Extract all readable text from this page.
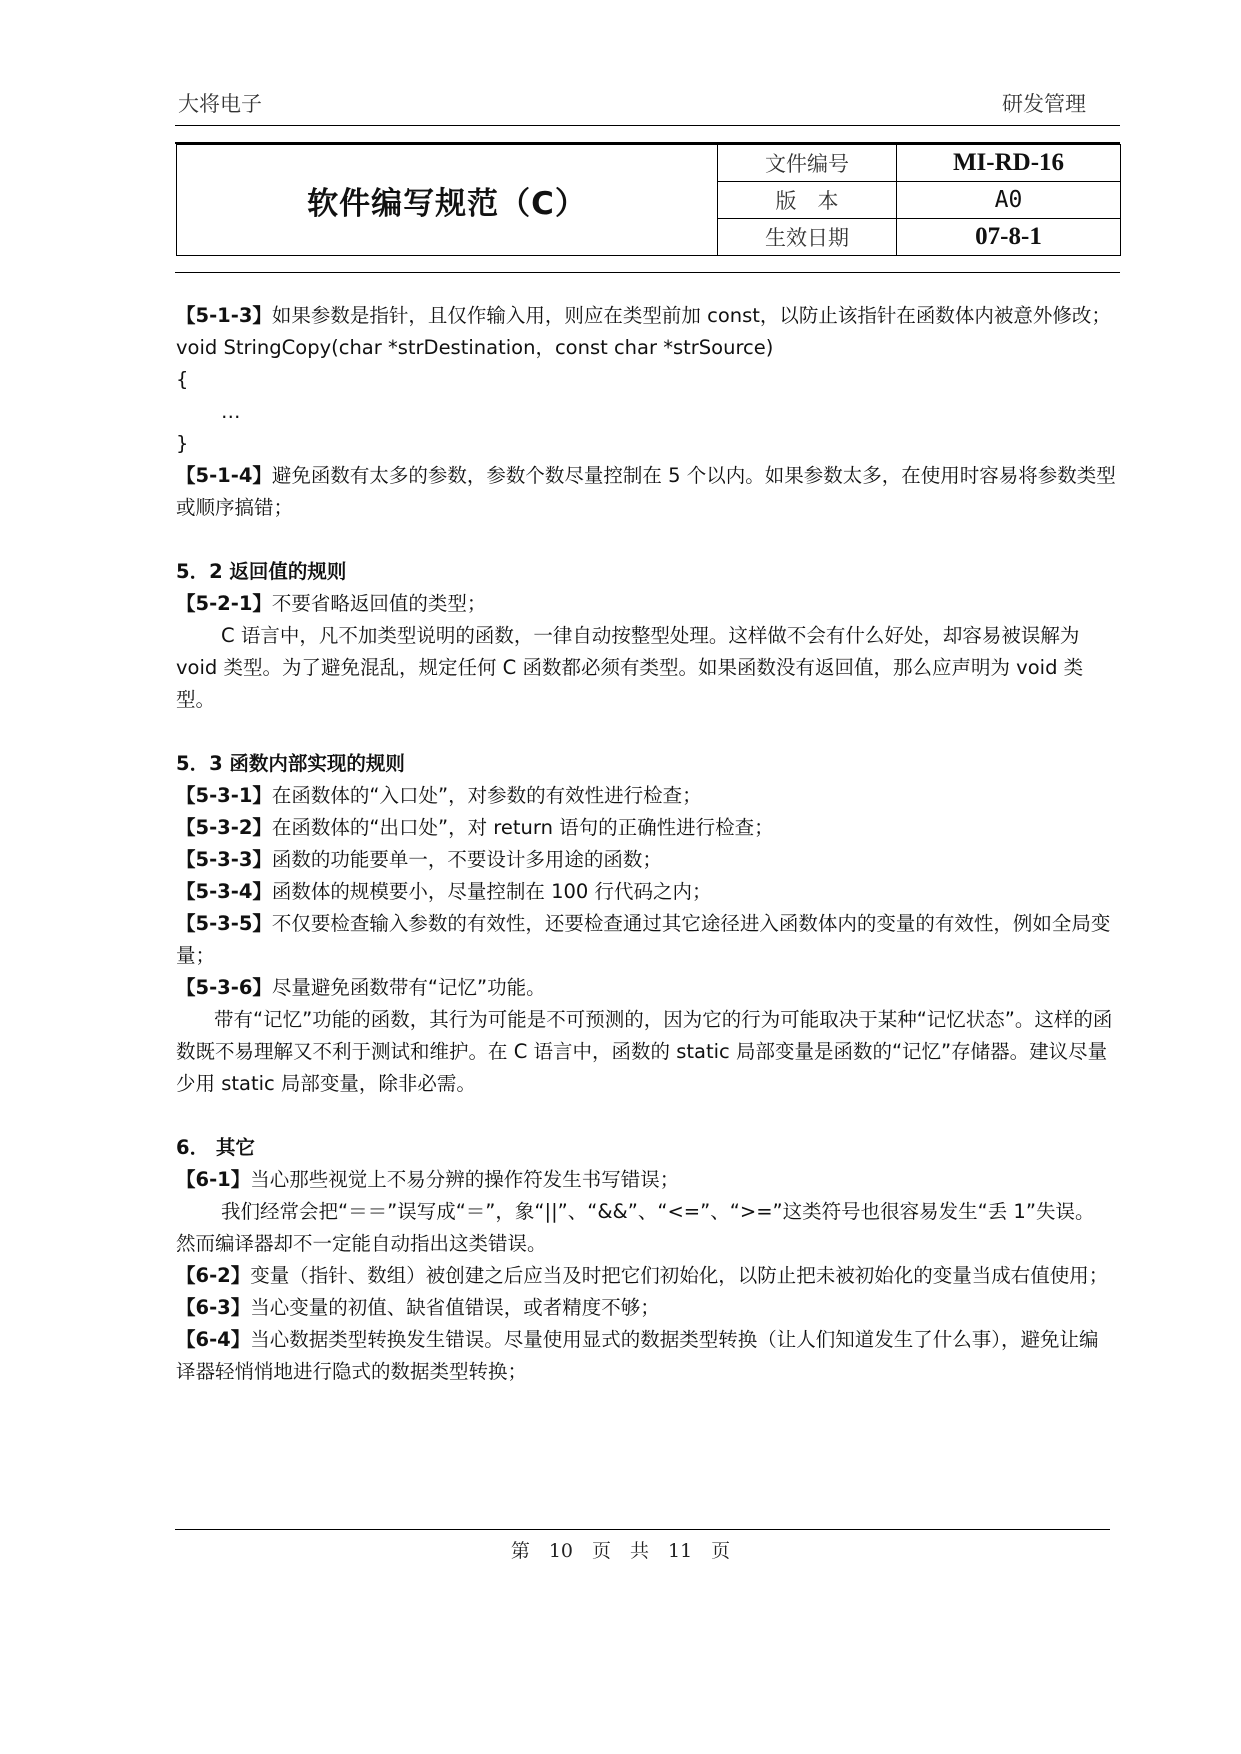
大将电子	研发管理
软件编写规范（C）	文件编号	MI-RD-16
	版　本	A0
	生效日期	07-8-1

【5-1-3】如果参数是指针，且仅作输入用，则应在类型前加 const，以防止该指针在函数体内被意外修改；

void StringCopy(char *strDestination，const char *strSource)

{

…

}

【5-1-4】避免函数有太多的参数，参数个数尽量控制在 5 个以内。如果参数太多，在使用时容易将参数类型或顺序搞错；

5．2 返回值的规则

【5-2-1】不要省略返回值的类型；

C 语言中，凡不加类型说明的函数，一律自动按整型处理。这样做不会有什么好处，却容易被误解为 void 类型。为了避免混乱，规定任何 C 函数都必须有类型。如果函数没有返回值，那么应声明为 void 类型。

5．3 函数内部实现的规则

【5-3-1】在函数体的“入口处”，对参数的有效性进行检查；

【5-3-2】在函数体的“出口处”，对 return 语句的正确性进行检查；

【5-3-3】函数的功能要单一，不要设计多用途的函数；

【5-3-4】函数体的规模要小，尽量控制在 100 行代码之内；

【5-3-5】不仅要检查输入参数的有效性，还要检查通过其它途径进入函数体内的变量的有效性，例如全局变量；

【5-3-6】尽量避免函数带有“记忆”功能。

带有“记忆”功能的函数，其行为可能是不可预测的，因为它的行为可能取决于某种“记忆状态”。这样的函数既不易理解又不利于测试和维护。在 C 语言中，函数的 static 局部变量是函数的“记忆”存储器。建议尽量少用 static 局部变量，除非必需。

6． 其它

【6-1】当心那些视觉上不易分辨的操作符发生书写错误；

我们经常会把“＝＝”误写成“＝”，象“||”、“&&”、“<=”、“>=”这类符号也很容易发生“丢 1”失误。

然而编译器却不一定能自动指出这类错误。

【6-2】变量（指针、数组）被创建之后应当及时把它们初始化，以防止把未被初始化的变量当成右值使用；

【6-3】当心变量的初值、缺省值错误，或者精度不够；

【6-4】当心数据类型转换发生错误。尽量使用显式的数据类型转换（让人们知道发生了什么事），避免让编译器轻悄悄地进行隐式的数据类型转换；

第　10　页　共　11　页
